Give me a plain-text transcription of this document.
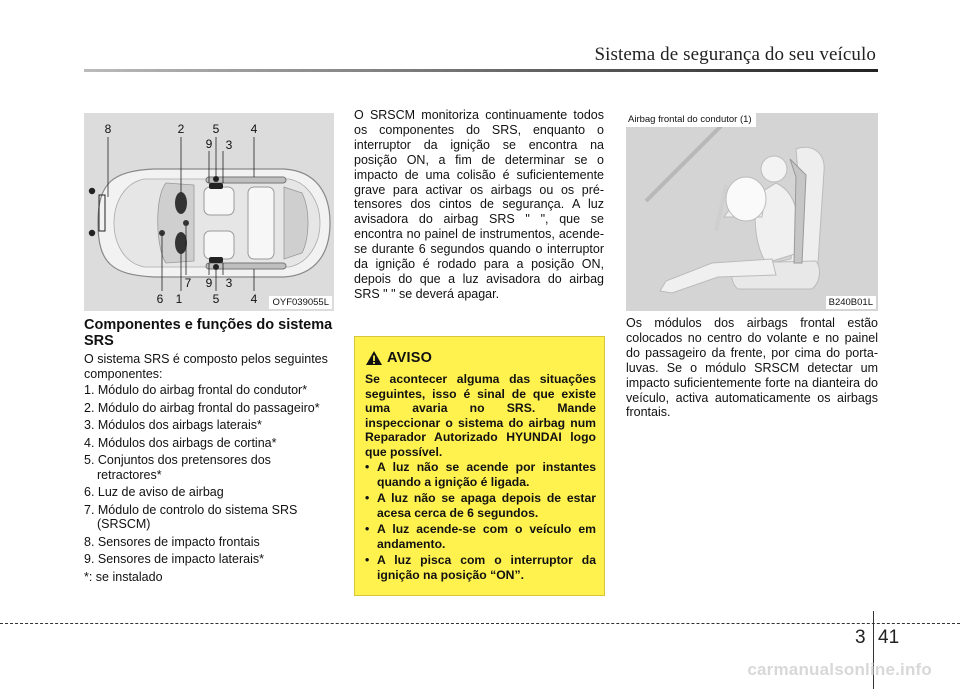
Sistema de segurança do seu veículo
8	2 5	4
9 3
6 1
7 9 3
5	4	OYF039055L
Componentes e funções do sistema SRS
O sistema SRS é composto pelos seguintes componentes:
1. Módulo do airbag frontal do condutor*
2. Módulo do airbag frontal do passageiro*
3. Módulos dos airbags laterais*
4. Módulos dos airbags de cortina*
5. Conjuntos dos pretensores dos retractores*
6. Luz de aviso de airbag
7. Módulo de controlo do sistema SRS (SRSCM)
8. Sensores de impacto frontais
9. Sensores de impacto laterais*
*: se instalado
O SRSCM monitoriza continuamente todos os componentes do SRS, enquanto o interruptor da ignição se encontra na posição ON, a fim de determinar se o impacto de uma colisão é suficientemente grave para activar os airbags ou os pré-tensores dos cintos de segurança. A luz avisadora do airbag SRS " ", que se encontra no painel de instrumentos, acende-se durante 6 segundos quando o interruptor da ignição é rodado para a posição ON, depois do que a luz avisadora do airbag SRS " " se deverá apagar.
AVISO
Se acontecer alguma das situações seguintes, isso é sinal de que existe uma avaria no SRS. Mande inspeccionar o sistema do airbag num Reparador Autorizado HYUNDAI logo que possível.
• A luz não se acende por instantes quando a ignição é ligada.
• A luz não se apaga depois de estar acesa cerca de 6 segundos.
• A luz acende-se com o veículo em andamento.
• A luz pisca com o interruptor da ignição na posição “ON”.
Airbag frontal do condutor (1)
B240B01L
Os módulos dos airbags frontal estão colocados no centro do volante e no painel do passageiro da frente, por cima do porta-luvas. Se o módulo SRSCM detectar um impacto suficientemente forte na dianteira do veículo, activa automaticamente os airbags frontais.
3 41
carmanualsonline.info
